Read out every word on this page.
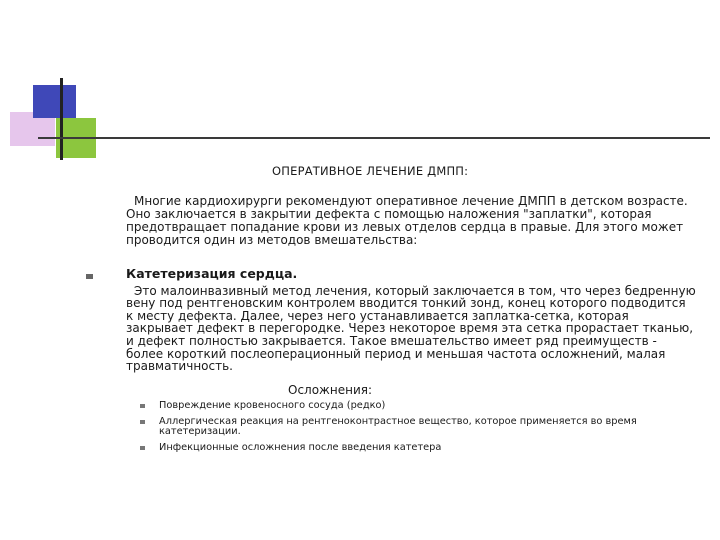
ОПЕРАТИВНОЕ ЛЕЧЕНИЕ ДМПП:
Многие кардиохирурги рекомендуют оперативное лечение ДМПП в детском возрасте. Оно заключается в закрытии дефекта с помощью наложения "заплатки", которая предотвращает попадание крови из левых отделов сердца в правые. Для этого может проводится один из методов вмешательства:
Катетеризация сердца.
Это малоинвазивный метод лечения, который заключается в том, что через бедренную вену под рентгеновским контролем вводится тонкий зонд, конец которого подводится к месту дефекта. Далее, через него устанавливается заплатка-сетка, которая закрывает дефект в перегородке. Через некоторое время эта сетка прорастает тканью, и дефект полностью закрывается. Такое вмешательство имеет ряд преимуществ - более короткий послеоперационный период и меньшая частота осложнений, малая травматичность.
Осложнения:
Повреждение кровеносного сосуда (редко)
Аллергическая реакция на рентгеноконтрастное вещество, которое применяется во время катетеризации.
Инфекционные осложнения после введения катетера
